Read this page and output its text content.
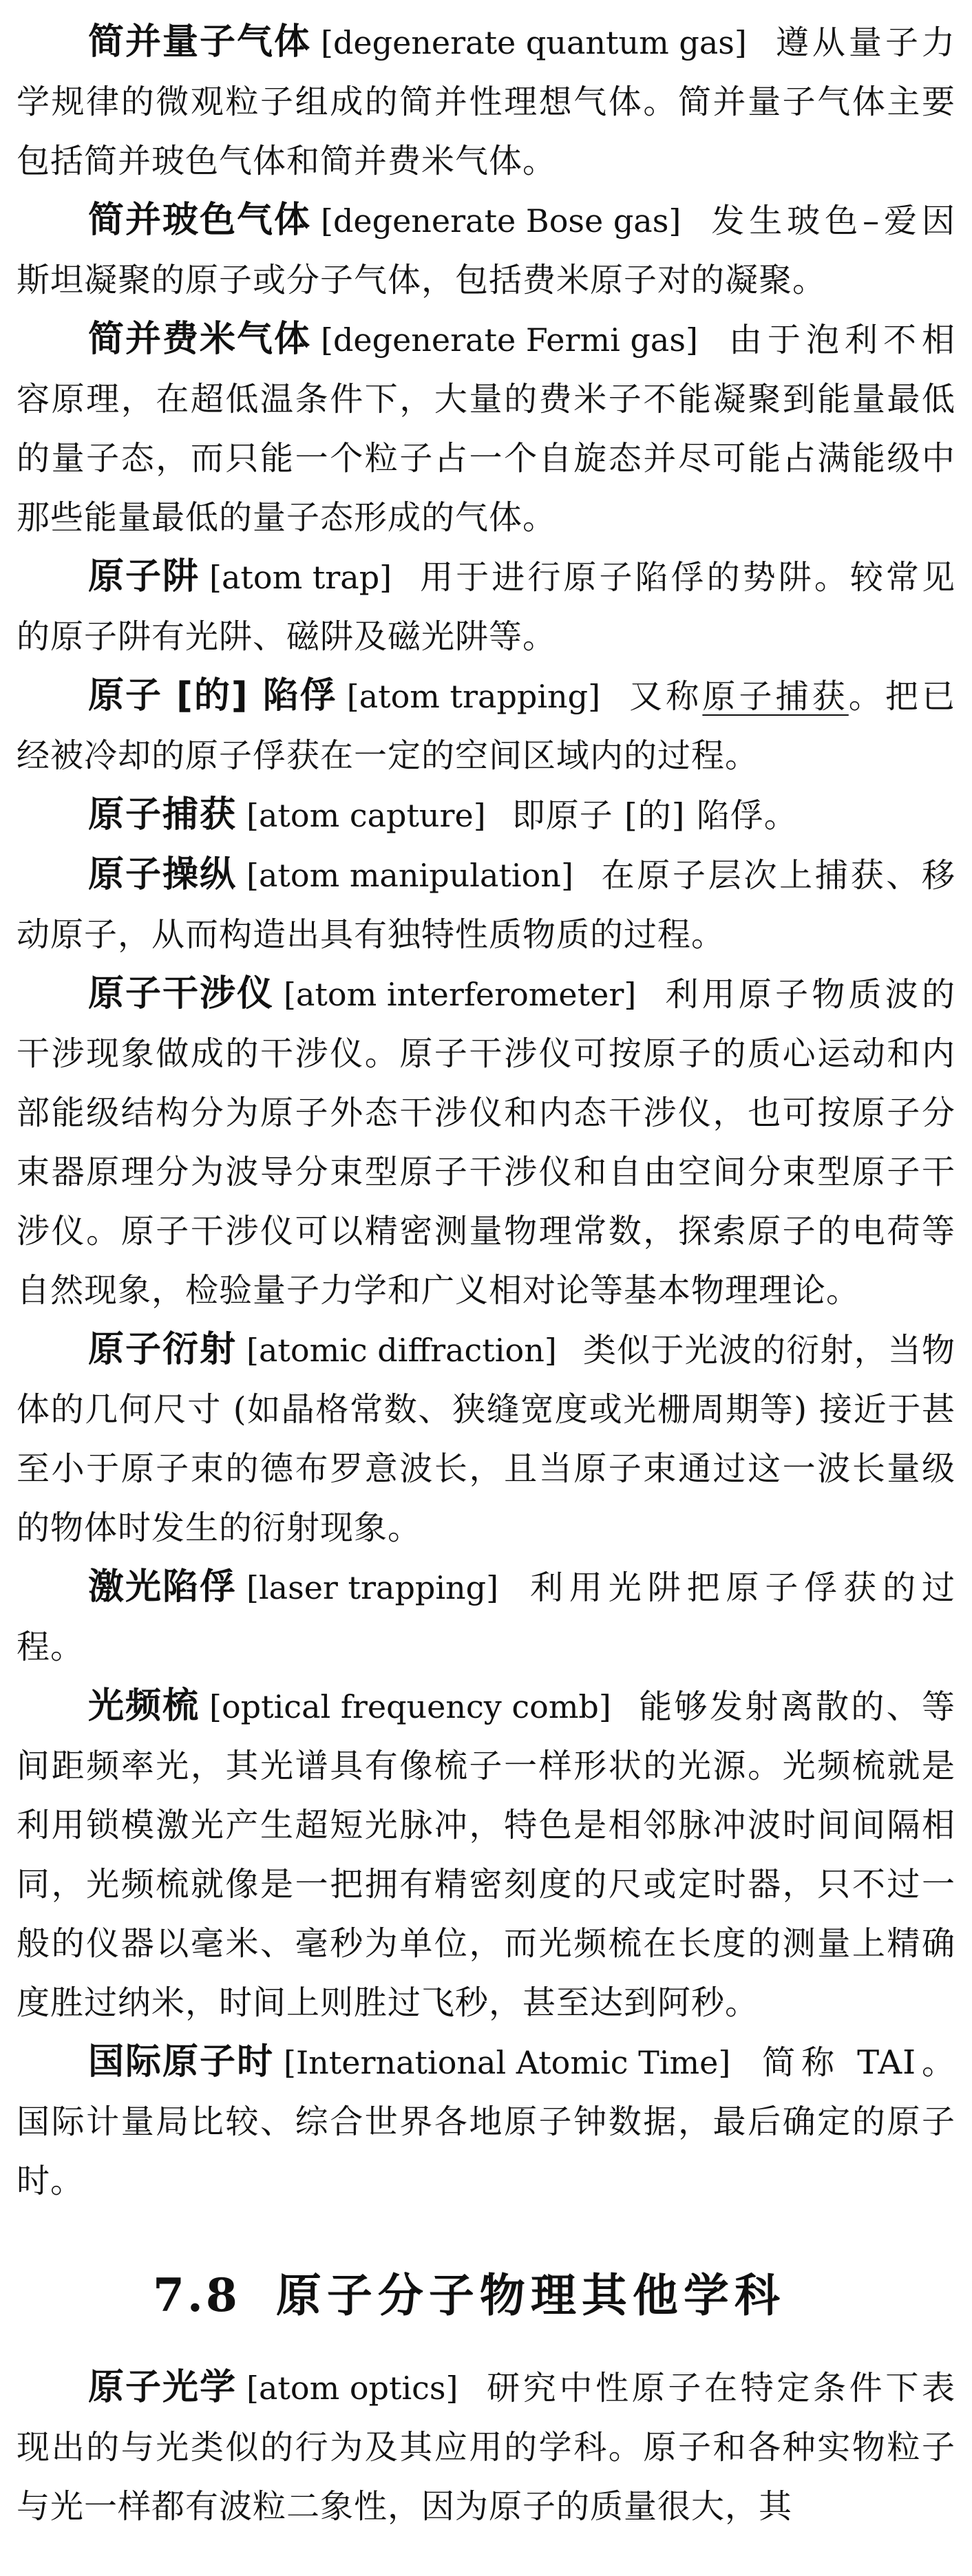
简并量子气体 [degenerate quantum gas] 遵从量子力学规律的微观粒子组成的简并性理想气体。简并量子气体主要包括简并玻色气体和简并费米气体。

简并玻色气体 [degenerate Bose gas] 发生玻色–爱因斯坦凝聚的原子或分子气体，包括费米原子对的凝聚。

简并费米气体 [degenerate Fermi gas] 由于泡利不相容原理，在超低温条件下，大量的费米子不能凝聚到能量最低的量子态，而只能一个粒子占一个自旋态并尽可能占满能级中那些能量最低的量子态形成的气体。

原子阱 [atom trap] 用于进行原子陷俘的势阱。较常见的原子阱有光阱、磁阱及磁光阱等。

原子 [的] 陷俘 [atom trapping] 又称原子捕获。把已经被冷却的原子俘获在一定的空间区域内的过程。

原子捕获 [atom capture] 即原子 [的] 陷俘。

原子操纵 [atom manipulation] 在原子层次上捕获、移动原子，从而构造出具有独特性质物质的过程。

原子干涉仪 [atom interferometer] 利用原子物质波的干涉现象做成的干涉仪。原子干涉仪可按原子的质心运动和内部能级结构分为原子外态干涉仪和内态干涉仪，也可按原子分束器原理分为波导分束型原子干涉仪和自由空间分束型原子干涉仪。原子干涉仪可以精密测量物理常数，探索原子的电荷等自然现象，检验量子力学和广义相对论等基本物理理论。

原子衍射 [atomic diffraction] 类似于光波的衍射，当物体的几何尺寸 (如晶格常数、狭缝宽度或光栅周期等) 接近于甚至小于原子束的德布罗意波长，且当原子束通过这一波长量级的物体时发生的衍射现象。

激光陷俘 [laser trapping] 利用光阱把原子俘获的过程。

光频梳 [optical frequency comb] 能够发射离散的、等间距频率光，其光谱具有像梳子一样形状的光源。光频梳就是利用锁模激光产生超短光脉冲，特色是相邻脉冲波时间间隔相同，光频梳就像是一把拥有精密刻度的尺或定时器，只不过一般的仪器以毫米、毫秒为单位，而光频梳在长度的测量上精确度胜过纳米，时间上则胜过飞秒，甚至达到阿秒。

国际原子时 [International Atomic Time] 简称 TAI。国际计量局比较、综合世界各地原子钟数据，最后确定的原子时。

7.8 原子分子物理其他学科

原子光学 [atom optics] 研究中性原子在特定条件下表现出的与光类似的行为及其应用的学科。原子和各种实物粒子与光一样都有波粒二象性，因为原子的质量很大，其
